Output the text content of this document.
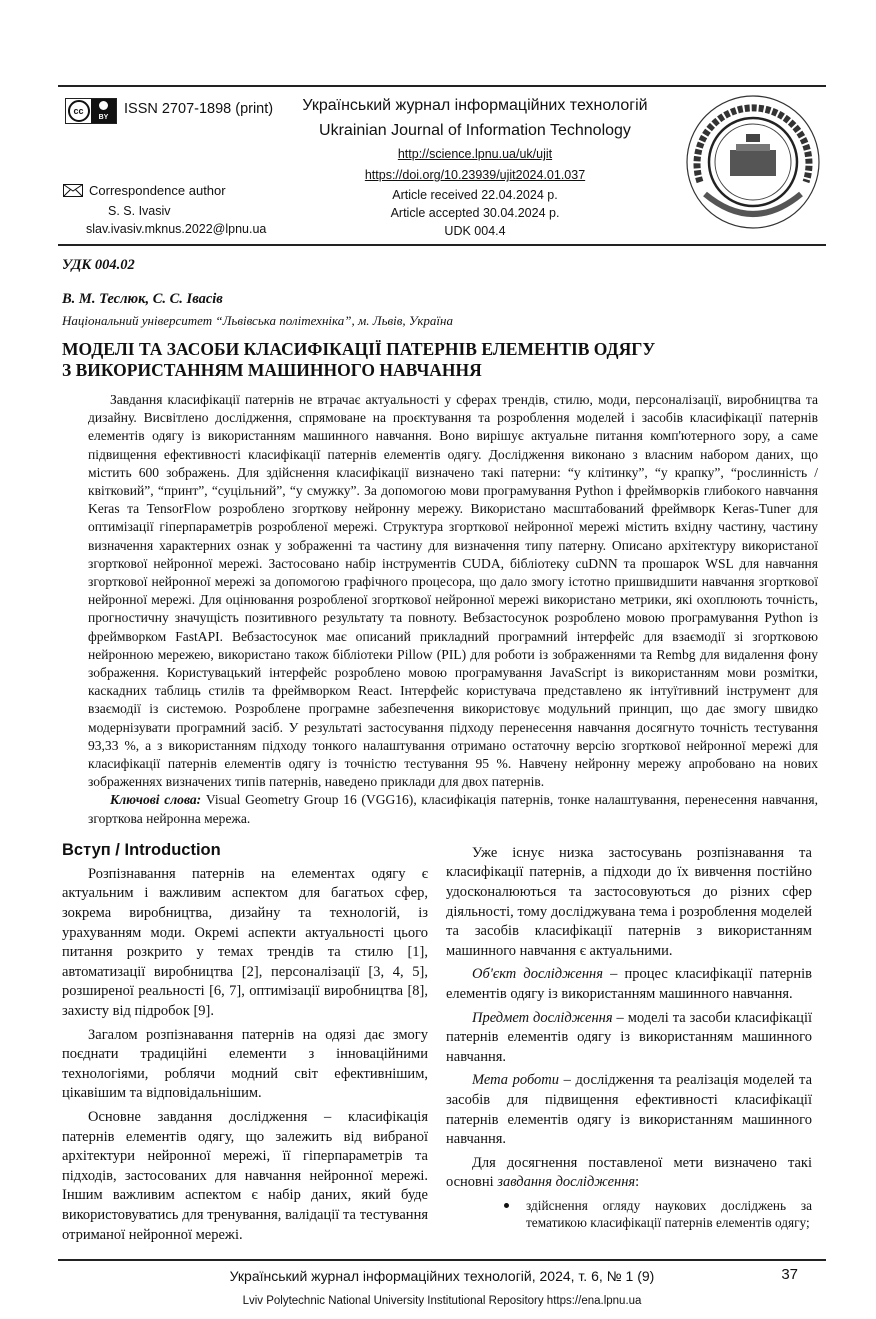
cc
BY
ISSN 2707-1898 (print)	Український журнал інформаційних технологій
Ukrainian Journal of Information Technology
http://science.lpnu.ua/uk/ujit
https://doi.org/10.23939/ujit2024.01.037
Article received 22.04.2024 р.
Article accepted 30.04.2024 р.
UDK 004.4
Correspondence author
S. S. Ivasiv
slav.ivasiv.mknus.2022@lpnu.ua
УДК 004.02
В. М. Теслюк, С. С. Івасів
Національний університет “Львівська політехніка”, м. Львів, Україна
МОДЕЛІ ТА ЗАСОБИ КЛАСИФІКАЦІЇ ПАТЕРНІВ ЕЛЕМЕНТІВ ОДЯГУ
З ВИКОРИСТАННЯМ МАШИННОГО НАВЧАННЯ

Завдання класифікації патернів не втрачає актуальності у сферах трендів, стилю, моди, персоналізації, виробництва та дизайну. Висвітлено дослідження, спрямоване на проєктування та розроблення моделей і засобів класифікації патернів елементів одягу із використанням машинного навчання. Воно вирішує актуальне питання комп'ютерного зору, а саме підвищення ефективності класифікації патернів елементів одягу. Дослідження виконано з власним набором даних, що містить 600 зображень. Для здійснення класифікації визначено такі патерни: “у клітинку”, “у крапку”, “рослинність / квітковий”, “принт”, “суцільний”, “у смужку”. За допомогою мови програмування Python і фреймворків глибокого навчання Keras та TensorFlow розроблено згорткову нейронну мережу. Використано масштабований фреймворк Keras-Tuner для оптимізації гіперпараметрів розробленої мережі. Структура згорткової нейронної мережі містить вхідну частину, частину визначення характерних ознак у зображенні та частину для визначення типу патерну. Описано архітектуру використаної згорткової нейронної мережі. Застосовано набір інструментів CUDA, бібліотеку cuDNN та прошарок WSL для навчання згорткової нейронної мережі за допомогою графічного процесора, що дало змогу істотно пришвидшити навчання згорткової нейронної мережі. Для оцінювання розробленої згорткової нейронної мережі використано метрики, які охоплюють точність, прогностичну значущість позитивного результату та повноту. Вебзастосунок розроблено мовою програмування Python із фреймворком FastAPI. Вебзастосунок має описаний прикладний програмний інтерфейс для взаємодії зі згортковою нейронною мережею, використано також бібліотеки Pillow (PIL) для роботи із зображеннями та Rembg для видалення фону зображення. Користувацький інтерфейс розроблено мовою програмування JavaScript із використанням мови розмітки, каскадних таблиць стилів та фреймворком React. Інтерфейс користувача представлено як інтуїтивний інструмент для взаємодії із системою. Розроблене програмне забезпечення використовує модульний принцип, що дає змогу швидко модернізувати програмний засіб. У результаті застосування підходу перенесення навчання досягнуто точність тестування 93,33 %, а з використанням підходу тонкого налаштування отримано остаточну версію згорткової нейронної мережі для класифікації патернів елементів одягу із точністю тестування 95 %. Навчену нейронну мережу апробовано на нових зображеннях визначених типів патернів, наведено приклади для двох патернів.

Ключові слова: Visual Geometry Group 16 (VGG16), класифікація патернів, тонке налаштування, перенесення навчання, згорткова нейронна мережа.

Вступ / Introduction

Розпізнавання патернів на елементах одягу є актуальним і важливим аспектом для багатьох сфер, зокрема виробництва, дизайну та технологій, із урахуванням моди. Окремі аспекти актуальності цього питання розкрито у темах трендів та стилю [1], автоматизації виробництва [2], персоналізації [3, 4, 5], розширеної реальності [6, 7], оптимізації виробництва [8], захисту від підробок [9].

Загалом розпізнавання патернів на одязі дає змогу поєднати традиційні елементи з інноваційними технологіями, роблячи модний світ ефективнішим, цікавішим та відповідальнішим.

Основне завдання дослідження – класифікація патернів елементів одягу, що залежить від вибраної архітектури нейронної мережі, її гіперпараметрів та підходів, застосованих для навчання нейронної мережі. Іншим важливим аспектом є набір даних, який буде використовуватись для тренування, валідації та тестування отриманої нейронної мережі.

Уже існує низка застосувань розпізнавання та класифікації патернів, а підходи до їх вивчення постійно удосконалюються та застосовуються до різних сфер діяльності, тому досліджувана тема і розроблення моделей та засобів класифікації патернів з використанням машинного навчання є актуальними.

Об'єкт дослідження – процес класифікації патернів елементів одягу із використанням машинного навчання.

Предмет дослідження – моделі та засоби класифікації патернів елементів одягу із використанням машинного навчання.

Мета роботи – дослідження та реалізація моделей та засобів для підвищення ефективності класифікації патернів елементів одягу із використанням машинного навчання.

Для досягнення поставленої мети визначено такі основні завдання дослідження:

здійснення огляду наукових досліджень за тематикою класифікації патернів елементів одягу;
Український журнал інформаційних технологій, 2024, т. 6, № 1 (9)	37
Lviv Polytechnic National University Institutional Repository https://ena.lpnu.ua
